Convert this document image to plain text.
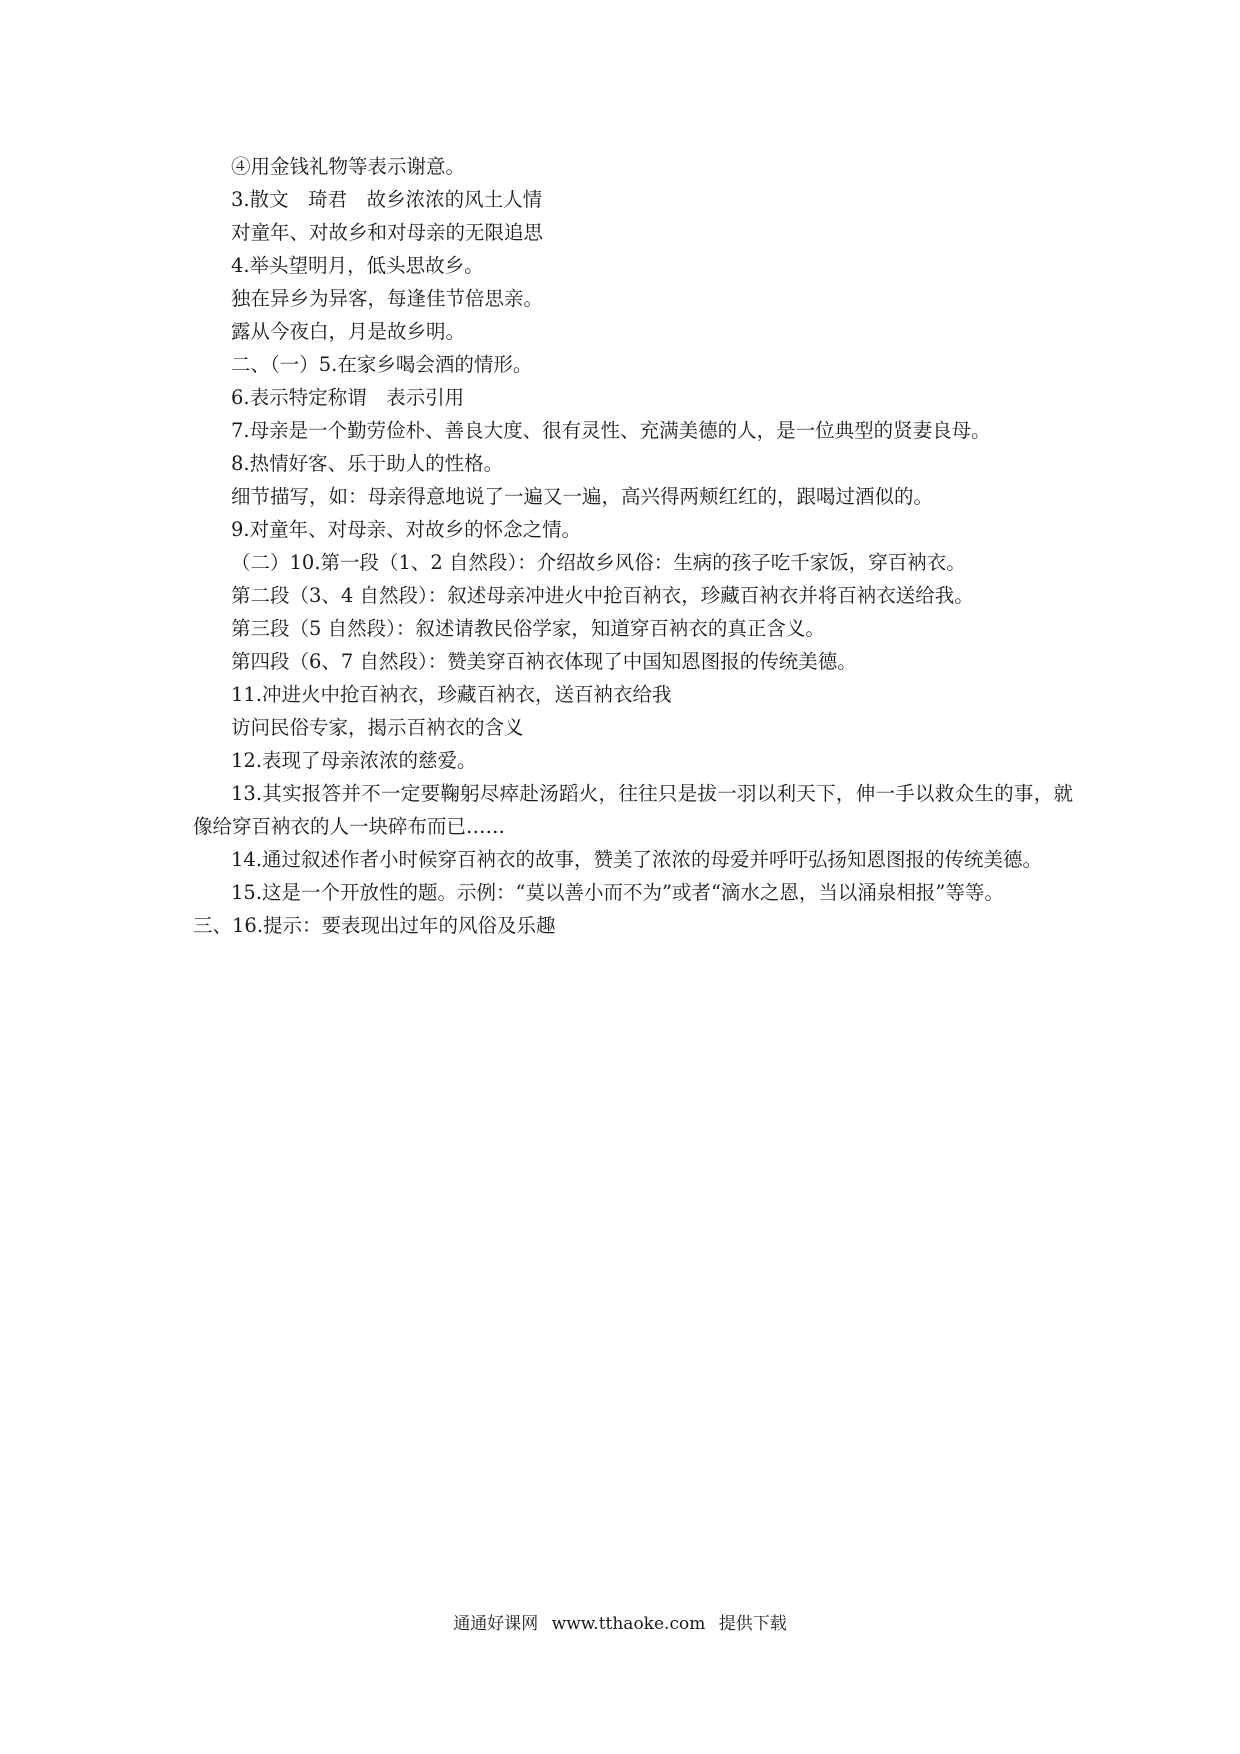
④用金钱礼物等表示谢意。
3.散文　琦君　故乡浓浓的风土人情
对童年、对故乡和对母亲的无限追思
4.举头望明月，低头思故乡。
独在异乡为异客，每逢佳节倍思亲。
露从今夜白，月是故乡明。
二、（一）5.在家乡喝会酒的情形。
6.表示特定称谓　表示引用
7.母亲是一个勤劳俭朴、善良大度、很有灵性、充满美德的人，是一位典型的贤妻良母。
8.热情好客、乐于助人的性格。
细节描写，如：母亲得意地说了一遍又一遍，高兴得两颊红红的，跟喝过酒似的。
9.对童年、对母亲、对故乡的怀念之情。
（二）10.第一段（1、2 自然段）：介绍故乡风俗：生病的孩子吃千家饭，穿百衲衣。
第二段（3、4 自然段）：叙述母亲冲进火中抢百衲衣，珍藏百衲衣并将百衲衣送给我。
第三段（5 自然段）：叙述请教民俗学家，知道穿百衲衣的真正含义。
第四段（6、7 自然段）：赞美穿百衲衣体现了中国知恩图报的传统美德。
11.冲进火中抢百衲衣，珍藏百衲衣，送百衲衣给我
访问民俗专家，揭示百衲衣的含义
12.表现了母亲浓浓的慈爱。
13.其实报答并不一定要鞠躬尽瘁赴汤蹈火，往往只是拔一羽以利天下，伸一手以救众生的事，就像给穿百衲衣的人一块碎布而已……
14.通过叙述作者小时候穿百衲衣的故事，赞美了浓浓的母爱并呼吁弘扬知恩图报的传统美德。
15.这是一个开放性的题。示例：“莫以善小而不为”或者“滴水之恩，当以涌泉相报”等等。
三、16.提示：要表现出过年的风俗及乐趣
通通好课网 www.tthaoke.com 提供下载
